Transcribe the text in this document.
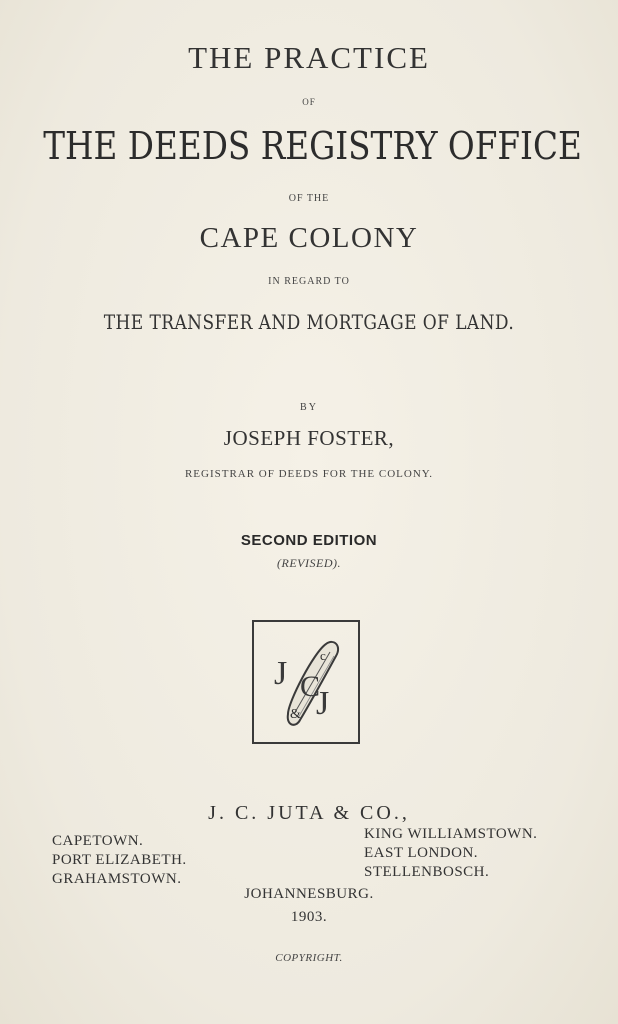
THE PRACTICE
OF
THE DEEDS REGISTRY OFFICE
OF THE
CAPE COLONY
IN REGARD TO
THE TRANSFER AND MORTGAGE OF LAND.
BY
JOSEPH FOSTER,
REGISTRAR OF DEEDS FOR THE COLONY.
SECOND EDITION
(REVISED).
J	c
&
C
J
J. C. JUTA & CO.,
CAPETOWN.
PORT ELIZABETH.
GRAHAMSTOWN.
KING WILLIAMSTOWN.
EAST LONDON.
STELLENBOSCH.
JOHANNESBURG.
1903.
COPYRIGHT.
